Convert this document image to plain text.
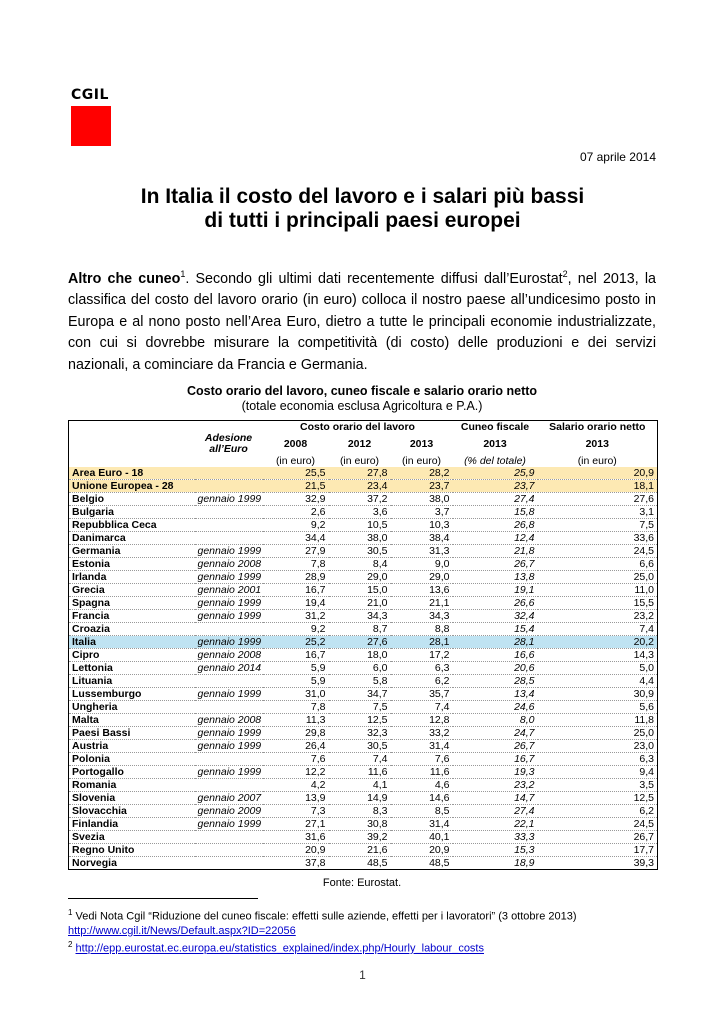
CGIL
07 aprile 2014
In Italia il costo del lavoro e i salari più bassi
di tutti i principali paesi europei
Altro che cuneo$^1$. Secondo gli ultimi dati recentemente diffusi dall’Eurostat$^2$, nel 2013, la classifica del costo del lavoro orario (in euro) colloca il nostro paese all’undicesimo posto in Europa e al nono posto nell’Area Euro, dietro a tutte le principali economie industrializzate, con cui si dovrebbe misurare la competitività (di costo) delle produzioni e dei servizi nazionali, a cominciare da Francia e Germania.
Costo orario del lavoro, cuneo fiscale e salario orario netto
(totale economia esclusa Agricoltura e P.A.)
		Costo orario del lavoro			Cuneo fiscale	Salario orario netto
	Adesione all’Euro	2008	2012	2013	2013	2013
		(in euro)	(in euro)	(in euro)	(% del totale)	(in euro)
Area Euro - 18		25,5	27,8	28,2	25,9	20,9
Unione Europea - 28		21,5	23,4	23,7	23,7	18,1
Belgio	gennaio 1999	32,9	37,2	38,0	27,4	27,6
Bulgaria		2,6	3,6	3,7	15,8	3,1
Repubblica Ceca		9,2	10,5	10,3	26,8	7,5
Danimarca		34,4	38,0	38,4	12,4	33,6
Germania	gennaio 1999	27,9	30,5	31,3	21,8	24,5
Estonia	gennaio 2008	7,8	8,4	9,0	26,7	6,6
Irlanda	gennaio 1999	28,9	29,0	29,0	13,8	25,0
Grecia	gennaio 2001	16,7	15,0	13,6	19,1	11,0
Spagna	gennaio 1999	19,4	21,0	21,1	26,6	15,5
Francia	gennaio 1999	31,2	34,3	34,3	32,4	23,2
Croazia		9,2	8,7	8,8	15,4	7,4
Italia	gennaio 1999	25,2	27,6	28,1	28,1	20,2
Cipro	gennaio 2008	16,7	18,0	17,2	16,6	14,3
Lettonia	gennaio 2014	5,9	6,0	6,3	20,6	5,0
Lituania		5,9	5,8	6,2	28,5	4,4
Lussemburgo	gennaio 1999	31,0	34,7	35,7	13,4	30,9
Ungheria		7,8	7,5	7,4	24,6	5,6
Malta	gennaio 2008	11,3	12,5	12,8	8,0	11,8
Paesi Bassi	gennaio 1999	29,8	32,3	33,2	24,7	25,0
Austria	gennaio 1999	26,4	30,5	31,4	26,7	23,0
Polonia		7,6	7,4	7,6	16,7	6,3
Portogallo	gennaio 1999	12,2	11,6	11,6	19,3	9,4
Romania		4,2	4,1	4,6	23,2	3,5
Slovenia	gennaio 2007	13,9	14,9	14,6	14,7	12,5
Slovacchia	gennaio 2009	7,3	8,3	8,5	27,4	6,2
Finlandia	gennaio 1999	27,1	30,8	31,4	22,1	24,5
Svezia		31,6	39,2	40,1	33,3	26,7
Regno Unito		20,9	21,6	20,9	15,3	17,7
Norvegia		37,8	48,5	48,5	18,9	39,3
Fonte: Eurostat.
$^1$ Vedi Nota Cgil “Riduzione del cuneo fiscale: effetti sulle aziende, effetti per i lavoratori” (3 ottobre 2013)
http://www.cgil.it/News/Default.aspx?ID=22056
$^2$ http://epp.eurostat.ec.europa.eu/statistics_explained/index.php/Hourly_labour_costs
1
